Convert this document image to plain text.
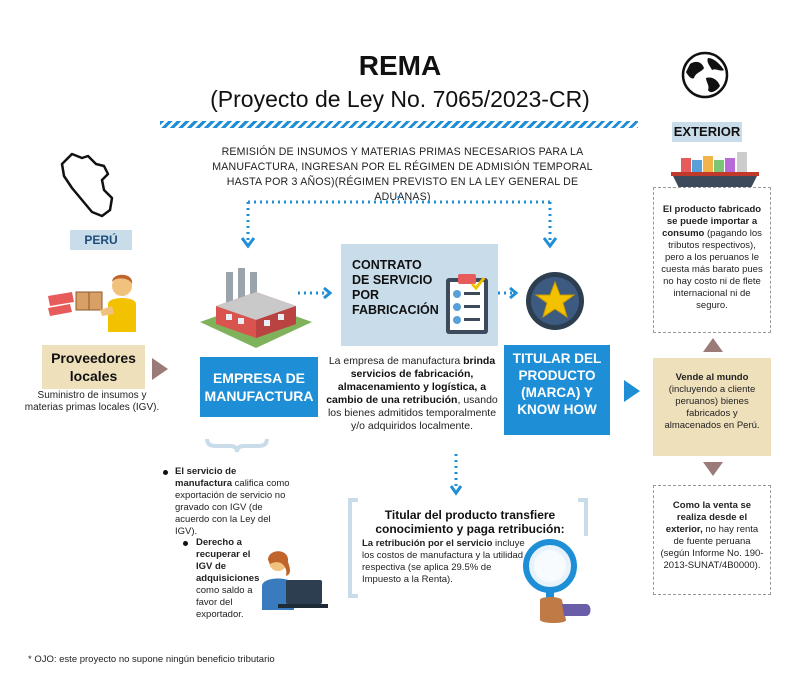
REMA
(Proyecto de Ley No. 7065/2023-CR)
REMISIÓN DE INSUMOS Y MATERIAS PRIMAS NECESARIOS PARA LA MANUFACTURA, INGRESAN POR EL RÉGIMEN DE ADMISIÓN TEMPORAL HASTA POR 3 AÑOS)(RÉGIMEN PREVISTO EN LA LEY GENERAL DE ADUANAS)
EXTERIOR
PERÚ
Proveedores locales
Suministro de insumos y materias primas locales (IGV).
EMPRESA DE MANUFACTURA
CONTRATO DE SERVICIO POR FABRICACIÓN
La empresa de manufactura brinda servicios de fabricación, almacenamiento y logística, a cambio de una retribución, usando los bienes admitidos temporalmente y/o adquiridos localmente.
TITULAR DEL PRODUCTO (MARCA) Y KNOW HOW
El servicio de manufactura califica como exportación de servicio no gravado con IGV (de acuerdo con la Ley del IGV).
Derecho a recuperar el IGV de adquisiciones como saldo a favor del exportador.
Titular del producto transfiere conocimiento y paga retribución:
La retribución por el servicio incluye los costos de manufactura y la utilidad respectiva (se aplica 29.5% de Impuesto a la Renta).
El producto fabricado se puede importar a consumo (pagando los tributos respectivos), pero a los peruanos le cuesta más barato pues no hay costo ni de flete internacional ni de seguro.
Vende al mundo (incluyendo a cliente peruanos) bienes fabricados y almacenados en Perú.
Como la venta se realiza desde el exterior, no hay renta de fuente peruana (según Informe No. 190-2013-SUNAT/4B0000).
* OJO: este proyecto no supone ningún beneficio tributario
